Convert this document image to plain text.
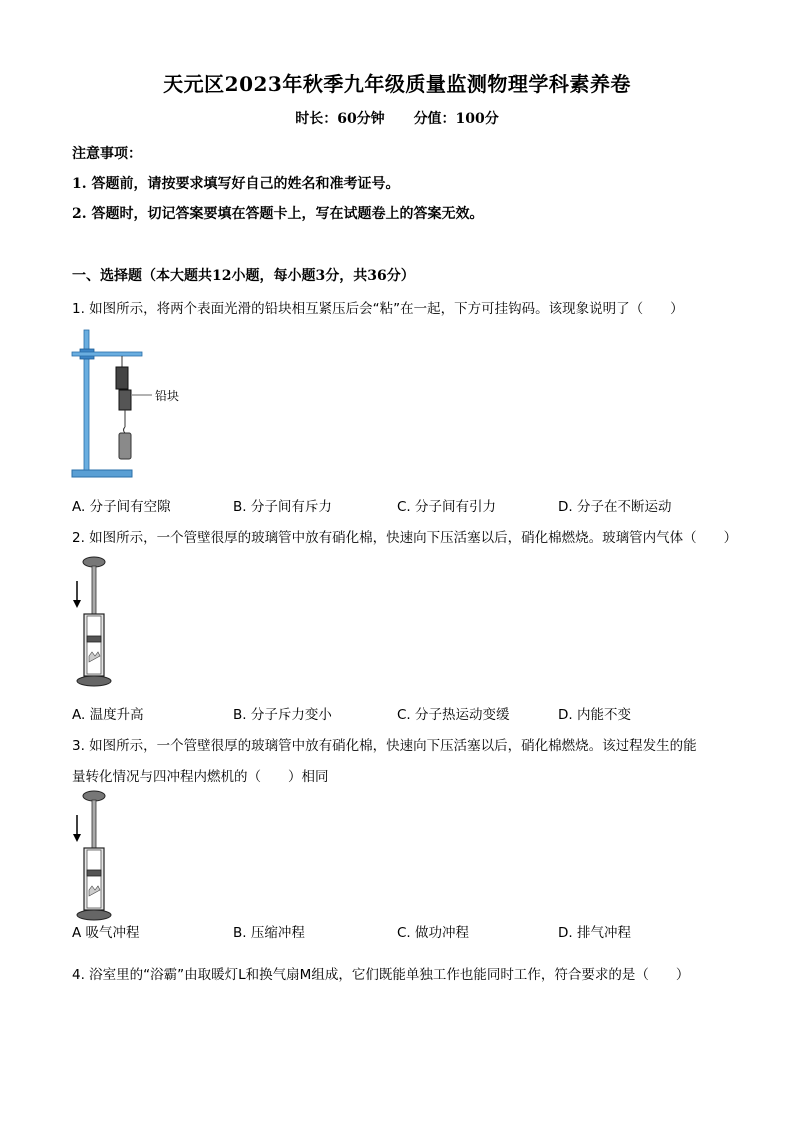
天元区2023年秋季九年级质量监测物理学科素养卷
时长：60分钟 分值：100分
注意事项：
1. 答题前，请按要求填写好自己的姓名和准考证号。
2. 答题时，切记答案要填在答题卡上，写在试题卷上的答案无效。
一、选择题（本大题共12小题，每小题3分，共36分）
1. 如图所示，将两个表面光滑的铅块相互紧压后会“粘”在一起，下方可挂钩码。该现象说明了（　　）
铅块
A. 分子间有空隙	B. 分子间有斥力	C. 分子间有引力	D. 分子在不断运动
2. 如图所示，一个管壁很厚的玻璃管中放有硝化棉，快速向下压活塞以后，硝化棉燃烧。玻璃管内气体（　　）
A. 温度升高	B. 分子斥力变小	C. 分子热运动变缓	D. 内能不变
3. 如图所示，一个管壁很厚的玻璃管中放有硝化棉，快速向下压活塞以后，硝化棉燃烧。该过程发生的能
量转化情况与四冲程内燃机的（　　）相同
A 吸气冲程	B. 压缩冲程	C. 做功冲程	D. 排气冲程
4. 浴室里的“浴霸”由取暖灯L和换气扇M组成，它们既能单独工作也能同时工作，符合要求的是（　　）
